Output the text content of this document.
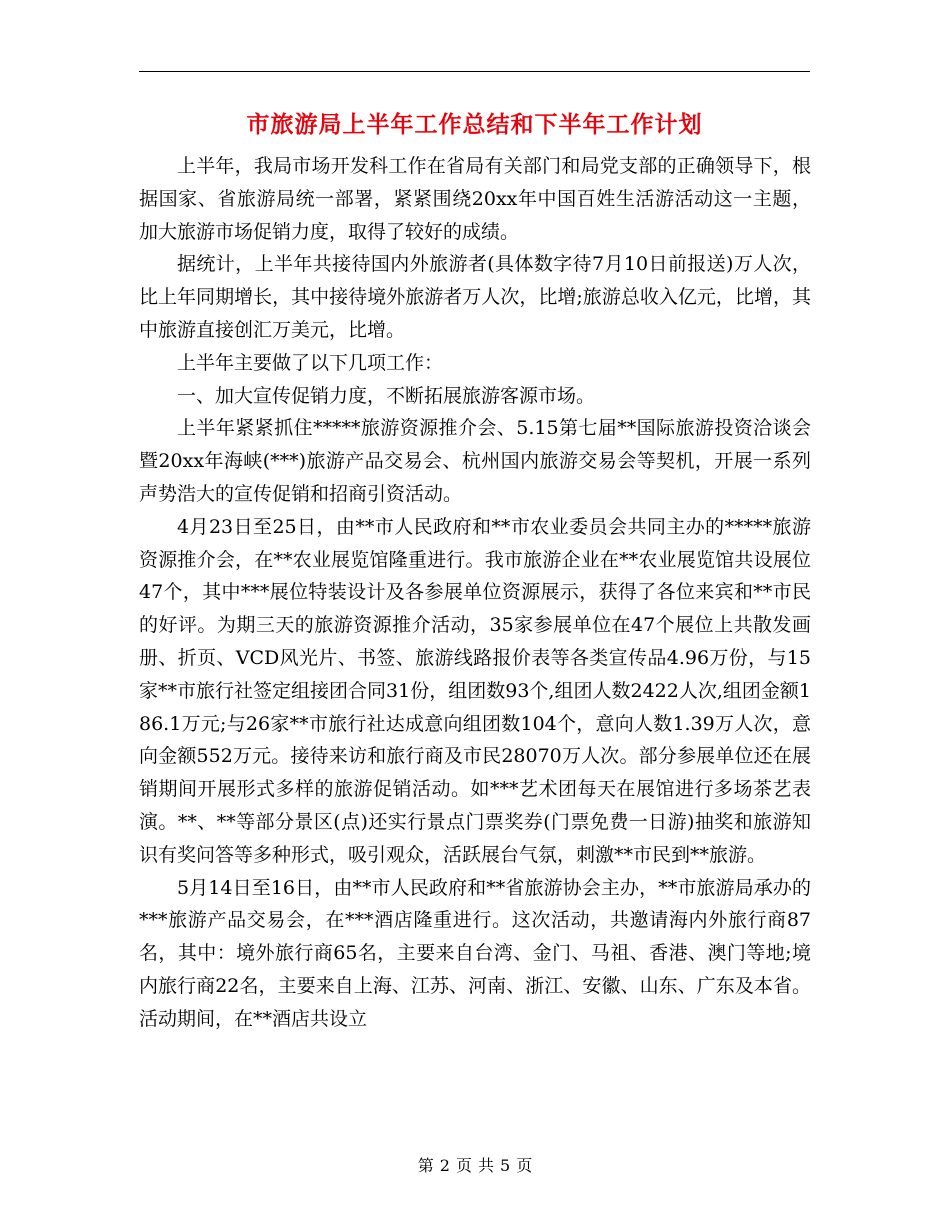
市旅游局上半年工作总结和下半年工作计划

上半年，我局市场开发科工作在省局有关部门和局党支部的正确领导下，根据国家、省旅游局统一部署，紧紧围绕20xx年中国百姓生活游活动这一主题，加大旅游市场促销力度，取得了较好的成绩。

据统计，上半年共接待国内外旅游者(具体数字待7月10日前报送)万人次，比上年同期增长，其中接待境外旅游者万人次，比增;旅游总收入亿元，比增，其中旅游直接创汇万美元，比增。

上半年主要做了以下几项工作：

一、加大宣传促销力度，不断拓展旅游客源市场。

上半年紧紧抓住*****旅游资源推介会、5.15第七届**国际旅游投资洽谈会暨20xx年海峡(***)旅游产品交易会、杭州国内旅游交易会等契机，开展一系列声势浩大的宣传促销和招商引资活动。

4月23日至25日，由**市人民政府和**市农业委员会共同主办的*****旅游资源推介会，在**农业展览馆隆重进行。我市旅游企业在**农业展览馆共设展位47个，其中***展位特装设计及各参展单位资源展示，获得了各位来宾和**市民的好评。为期三天的旅游资源推介活动，35家参展单位在47个展位上共散发画册、折页、VCD风光片、书签、旅游线路报价表等各类宣传品4.96万份，与15家**市旅行社签定组接团合同31份，组团数93个,组团人数2422人次,组团金额186.1万元;与26家**市旅行社达成意向组团数104个，意向人数1.39万人次，意向金额552万元。接待来访和旅行商及市民28070万人次。部分参展单位还在展销期间开展形式多样的旅游促销活动。如***艺术团每天在展馆进行多场茶艺表演。**、**等部分景区(点)还实行景点门票奖券(门票免费一日游)抽奖和旅游知识有奖问答等多种形式，吸引观众，活跃展台气氛，刺激**市民到**旅游。

5月14日至16日，由**市人民政府和**省旅游协会主办，**市旅游局承办的***旅游产品交易会，在***酒店隆重进行。这次活动，共邀请海内外旅行商87名，其中：境外旅行商65名，主要来自台湾、金门、马祖、香港、澳门等地;境内旅行商22名，主要来自上海、江苏、河南、浙江、安徽、山东、广东及本省。活动期间，在**酒店共设立

第 2 页 共 5 页
